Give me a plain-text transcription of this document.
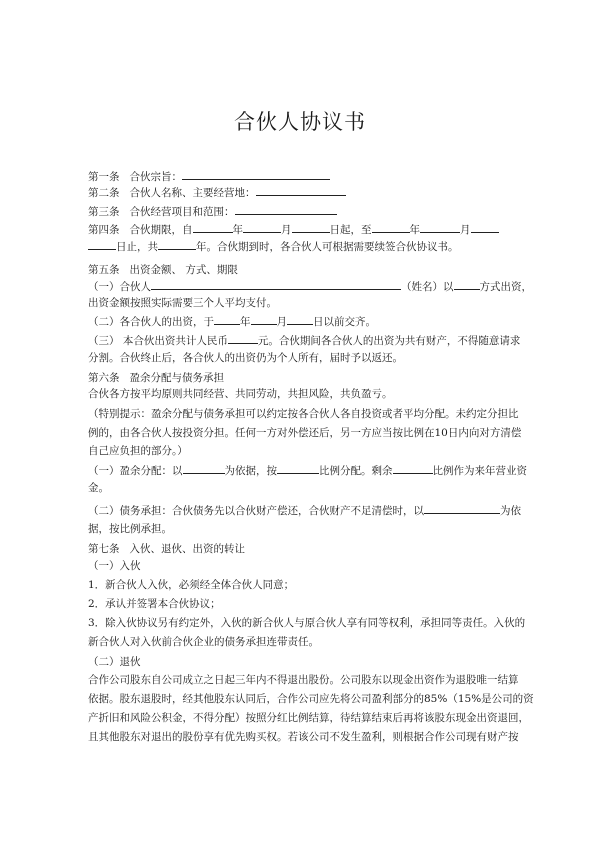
合伙人协议书
第一条 合伙宗旨：
第二条 合伙人名称、主要经营地：
第三条 合伙经营项目和范围：
第四条 合伙期限，自	年	月	日起，至	年	月
日止，共	年。合伙期到时，各合伙人可根据需要续签合伙协议书。
第五条 出资金额、 方式、期限
（一）合伙人	（姓名）以 方式出资，
出资金额按照实际需要三个人平均支付。
（二）各合伙人的出资，于 年 月 日以前交齐。
（三） 本合伙出资共计人民币	元。合伙期间各合伙人的出资为共有财产，不得随意请求
分割。合伙终止后，各合伙人的出资仍为个人所有，届时予以返还。
第六条 盈余分配与债务承担
合伙各方按平均原则共同经营、共同劳动，共担风险，共负盈亏。
（特别提示：盈余分配与债务承担可以约定按各合伙人各自投资或者平均分配。未约定分担比
例的，由各合伙人按投资分担。任何一方对外偿还后，另一方应当按比例在10日内向对方清偿
自己应负担的部分。）
（一）盈余分配：以	为依据，按	比例分配。剩余	比例作为来年营业资
金。
（二）债务承担：合伙债务先以合伙财产偿还，合伙财产不足清偿时，以	为依
据，按比例承担。
第七条 入伙、退伙、出资的转让
（一）入伙
1．新合伙人入伙，必须经全体合伙人同意；
2．承认并签署本合伙协议；
3．除入伙协议另有约定外，入伙的新合伙人与原合伙人享有同等权利，承担同等责任。入伙的
新合伙人对入伙前合伙企业的债务承担连带责任。
（二）退伙
合作公司股东自公司成立之日起三年内不得退出股份。公司股东以现金出资作为退股唯一结算
依据。股东退股时，经其他股东认同后，合作公司应先将公司盈利部分的85%（15%是公司的资
产折旧和风险公积金，不得分配）按照分红比例结算，待结算结束后再将该股东现金出资退回，
且其他股东对退出的股份享有优先购买权。若该公司不发生盈利，则根据合作公司现有财产按
